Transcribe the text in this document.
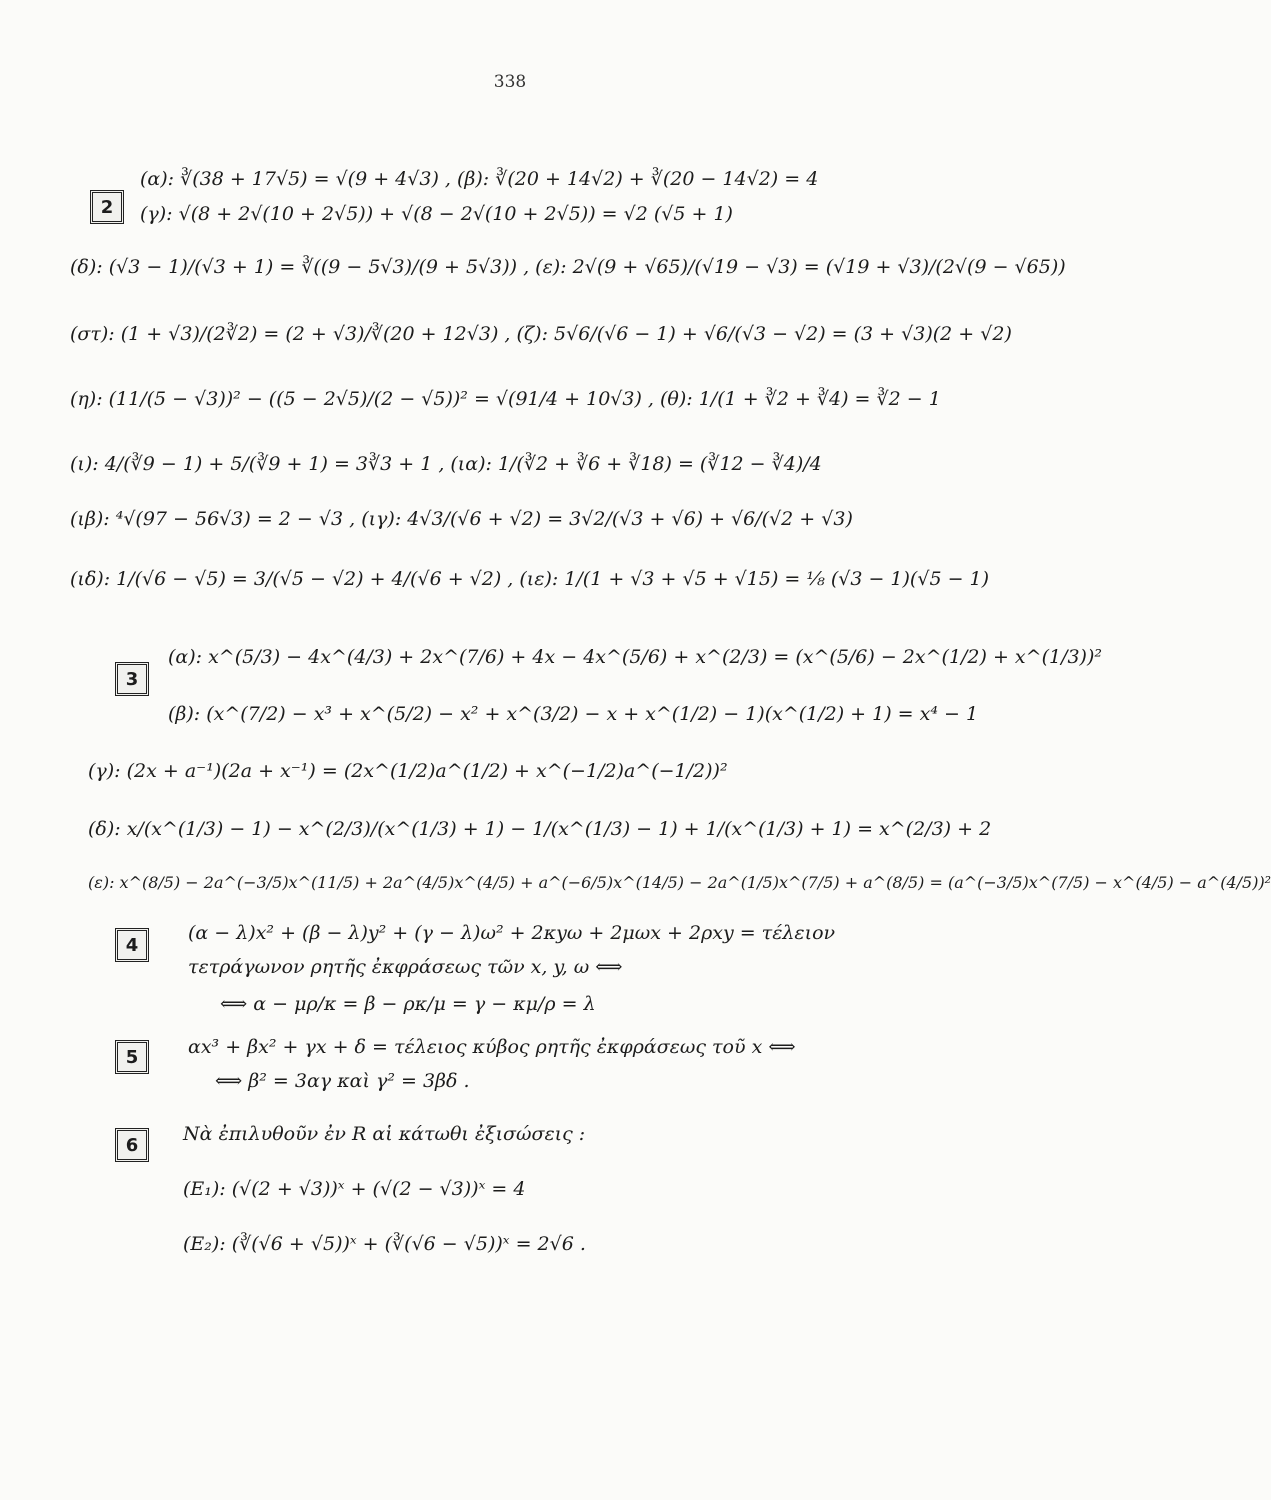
338
2
(α): ∛(38 + 17√5) = √(9 + 4√3) , (β): ∛(20 + 14√2) + ∛(20 − 14√2) = 4
(γ): √(8 + 2√(10 + 2√5)) + √(8 − 2√(10 + 2√5)) = √2 (√5 + 1)
(δ): (√3 − 1)/(√3 + 1) = ∛((9 − 5√3)/(9 + 5√3)) , (ε): 2√(9 + √65)/(√19 − √3) = (√19 + √3)/(2√(9 − √65))
(στ): (1 + √3)/(2∛2) = (2 + √3)/∛(20 + 12√3) , (ζ): 5√6/(√6 − 1) + √6/(√3 − √2) = (3 + √3)(2 + √2)
(η): (11/(5 − √3))² − ((5 − 2√5)/(2 − √5))² = √(91/4 + 10√3) , (θ): 1/(1 + ∛2 + ∛4) = ∛2 − 1
(ι): 4/(∛9 − 1) + 5/(∛9 + 1) = 3∛3 + 1 , (ια): 1/(∛2 + ∛6 + ∛18) = (∛12 − ∛4)/4
(ιβ): ⁴√(97 − 56√3) = 2 − √3 , (ιγ): 4√3/(√6 + √2) = 3√2/(√3 + √6) + √6/(√2 + √3)
(ιδ): 1/(√6 − √5) = 3/(√5 − √2) + 4/(√6 + √2) , (ιε): 1/(1 + √3 + √5 + √15) = ⅛ (√3 − 1)(√5 − 1)
3
(α): x^(5/3) − 4x^(4/3) + 2x^(7/6) + 4x − 4x^(5/6) + x^(2/3) = (x^(5/6) − 2x^(1/2) + x^(1/3))²
(β): (x^(7/2) − x³ + x^(5/2) − x² + x^(3/2) − x + x^(1/2) − 1)(x^(1/2) + 1) = x⁴ − 1
(γ): (2x + a⁻¹)(2a + x⁻¹) = (2x^(1/2)a^(1/2) + x^(−1/2)a^(−1/2))²
(δ): x/(x^(1/3) − 1) − x^(2/3)/(x^(1/3) + 1) − 1/(x^(1/3) − 1) + 1/(x^(1/3) + 1) = x^(2/3) + 2
(ε): x^(8/5) − 2a^(−3/5)x^(11/5) + 2a^(4/5)x^(4/5) + a^(−6/5)x^(14/5) − 2a^(1/5)x^(7/5) + a^(8/5) = (a^(−3/5)x^(7/5) − x^(4/5) − a^(4/5))²
4
(α − λ)x² + (β − λ)y² + (γ − λ)ω² + 2κyω + 2μωx + 2ρxy = τέλειον
τετράγωνον ρητῆς ἐκφράσεως τῶν x, y, ω ⟺
⟺ α − μρ/κ = β − ρκ/μ = γ − κμ/ρ = λ
5	αx³ + βx² + γx + δ = τέλειος κύβος ρητῆς ἐκφράσεως τοῦ x ⟺
⟺ β² = 3αγ καὶ γ² = 3βδ .
6	Νὰ ἐπιλυθοῦν ἐν R αἱ κάτωθι ἐξισώσεις :
(E₁): (√(2 + √3))ˣ + (√(2 − √3))ˣ = 4
(E₂): (∛(√6 + √5))ˣ + (∛(√6 − √5))ˣ = 2√6 .
